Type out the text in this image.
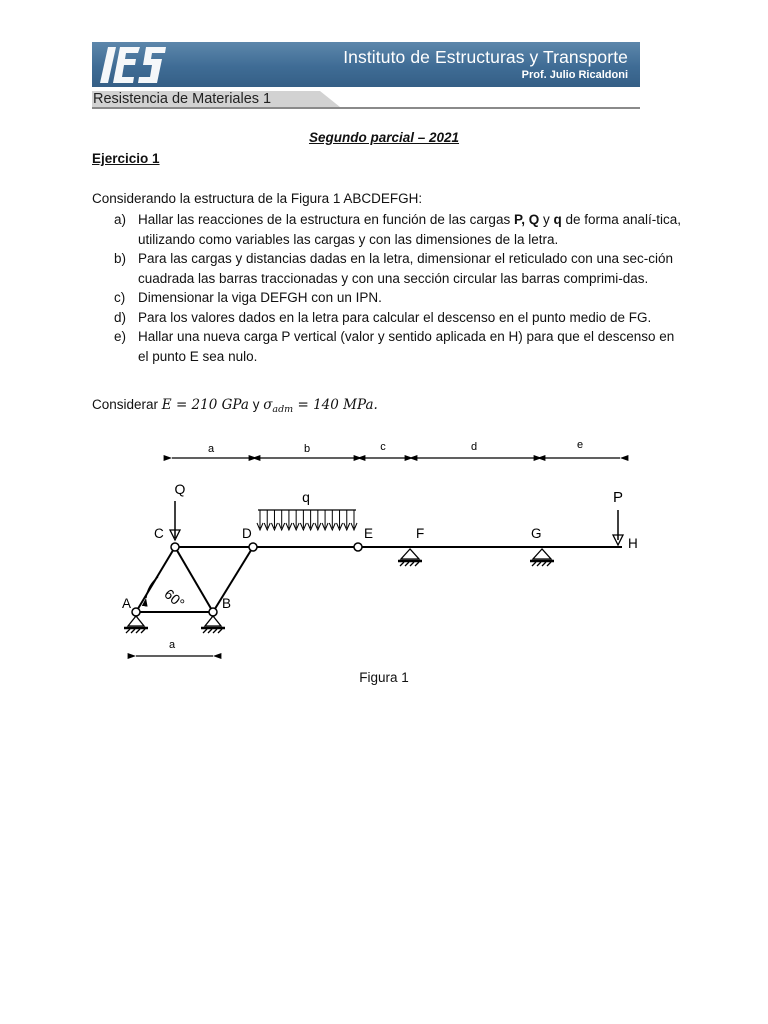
Instituto de Estructuras y Transporte
Prof. Julio Ricaldoni
Resistencia de Materiales 1
Segundo parcial – 2021
Ejercicio 1
Considerando la estructura de la Figura 1 ABCDEFGH:
a) Hallar las reacciones de la estructura en función de las cargas P, Q y q de forma analí-tica, utilizando como variables las cargas y con las dimensiones de la letra.
b) Para las cargas y distancias dadas en la letra, dimensionar el reticulado con una sec-ción cuadrada las barras traccionadas y con una sección circular las barras comprimi-das.
c) Dimensionar la viga DEFGH con un IPN.
d) Para los valores dados en la letra para calcular el descenso en el punto medio de FG.
e) Hallar una nueva carga P vertical (valor y sentido aplicada en H) para que el descenso en el punto E sea nulo.
Considerar E = 210 GPa y $\sigma_{adm} = 140$ MPa.
a	b	c	d	e
60°
Q	P
q
A	B
C	D	E	F	G
H
a
Figura 1
